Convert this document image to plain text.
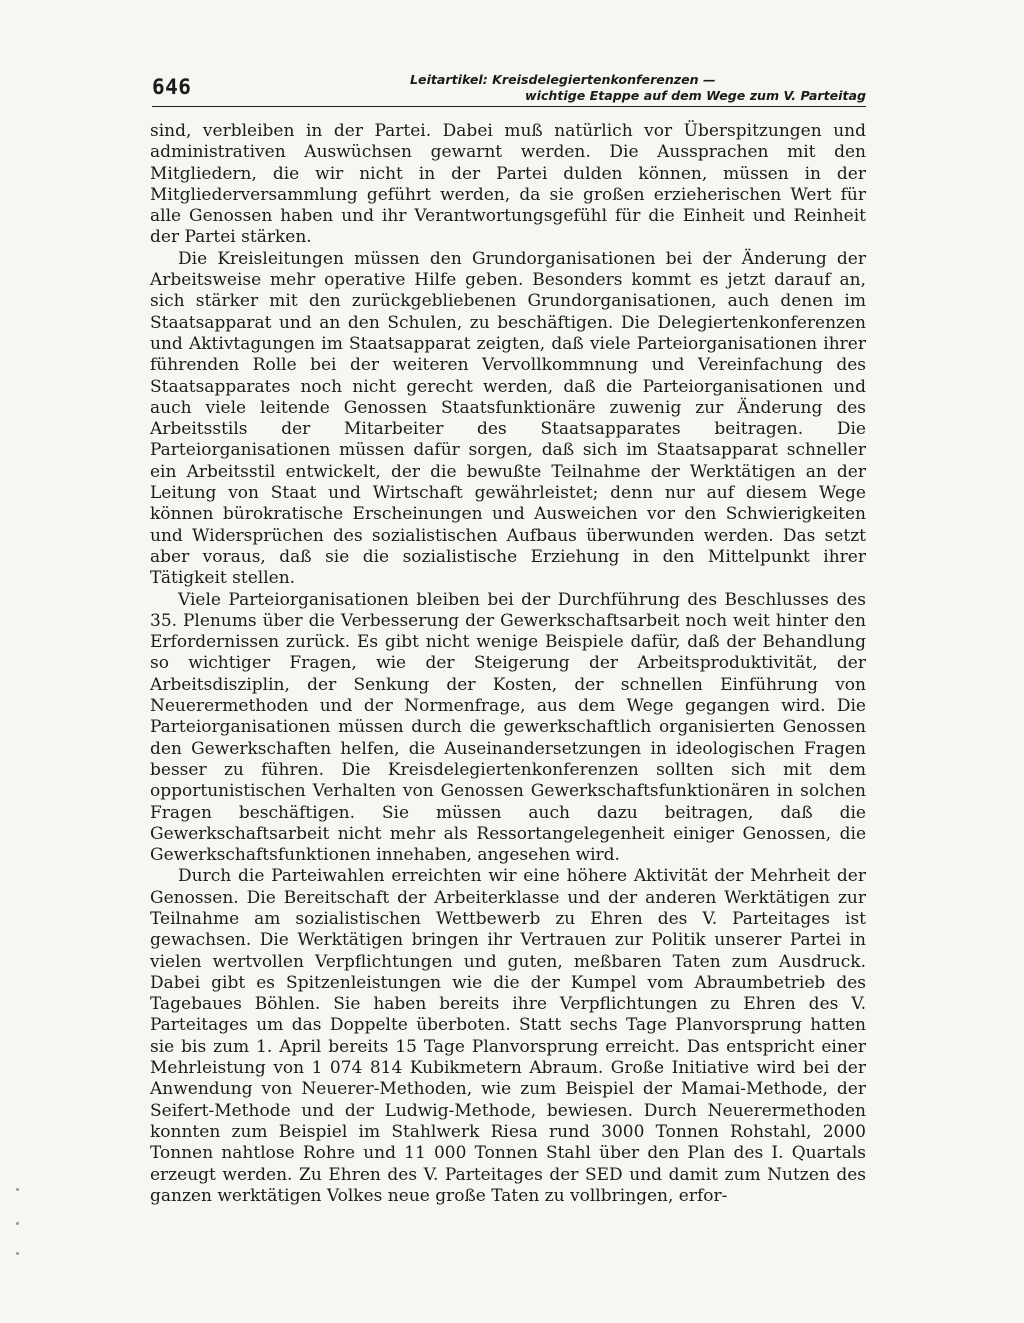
646	Leitartikel: Kreisdelegiertenkonferenzen —
wichtige Etappe auf dem Wege zum V. Parteitag

sind, verbleiben in der Partei. Dabei muß natürlich vor Überspitzungen und administrativen Auswüchsen gewarnt werden. Die Aussprachen mit den Mitgliedern, die wir nicht in der Partei dulden können, müssen in der Mitgliederversammlung geführt werden, da sie großen erzieherischen Wert für alle Genossen haben und ihr Verantwortungsgefühl für die Einheit und Reinheit der Partei stärken.

Die Kreisleitungen müssen den Grundorganisationen bei der Änderung der Arbeitsweise mehr operative Hilfe geben. Besonders kommt es jetzt darauf an, sich stärker mit den zurückgebliebenen Grundorganisationen, auch denen im Staatsapparat und an den Schulen, zu beschäftigen. Die Delegiertenkonferenzen und Aktivtagungen im Staatsapparat zeigten, daß viele Parteiorganisationen ihrer führenden Rolle bei der weiteren Vervollkommnung und Vereinfachung des Staatsapparates noch nicht gerecht werden, daß die Parteiorganisationen und auch viele leitende Genossen Staatsfunktionäre zuwenig zur Änderung des Arbeitsstils der Mitarbeiter des Staatsapparates beitragen. Die Parteiorganisationen müssen dafür sorgen, daß sich im Staatsapparat schneller ein Arbeitsstil entwickelt, der die bewußte Teilnahme der Werktätigen an der Leitung von Staat und Wirtschaft gewährleistet; denn nur auf diesem Wege können bürokratische Erscheinungen und Ausweichen vor den Schwierigkeiten und Widersprüchen des sozialistischen Aufbaus überwunden werden. Das setzt aber voraus, daß sie die sozialistische Erziehung in den Mittelpunkt ihrer Tätigkeit stellen.

Viele Parteiorganisationen bleiben bei der Durchführung des Beschlusses des 35. Plenums über die Verbesserung der Gewerkschaftsarbeit noch weit hinter den Erfordernissen zurück. Es gibt nicht wenige Beispiele dafür, daß der Behandlung so wichtiger Fragen, wie der Steigerung der Arbeitsproduktivität, der Arbeitsdisziplin, der Senkung der Kosten, der schnellen Einführung von Neuerermethoden und der Normenfrage, aus dem Wege gegangen wird. Die Parteiorganisationen müssen durch die gewerkschaftlich organisierten Genossen den Gewerkschaften helfen, die Auseinandersetzungen in ideologischen Fragen besser zu führen. Die Kreisdelegiertenkonferenzen sollten sich mit dem opportunistischen Verhalten von Genossen Gewerkschaftsfunktionären in solchen Fragen beschäftigen. Sie müssen auch dazu beitragen, daß die Gewerkschaftsarbeit nicht mehr als Ressortangelegenheit einiger Genossen, die Gewerkschaftsfunktionen innehaben, angesehen wird.

Durch die Parteiwahlen erreichten wir eine höhere Aktivität der Mehrheit der Genossen. Die Bereitschaft der Arbeiterklasse und der anderen Werktätigen zur Teilnahme am sozialistischen Wettbewerb zu Ehren des V. Parteitages ist gewachsen. Die Werktätigen bringen ihr Vertrauen zur Politik unserer Partei in vielen wertvollen Verpflichtungen und guten, meßbaren Taten zum Ausdruck. Dabei gibt es Spitzenleistungen wie die der Kumpel vom Abraumbetrieb des Tagebaues Böhlen. Sie haben bereits ihre Verpflichtungen zu Ehren des V. Parteitages um das Doppelte überboten. Statt sechs Tage Planvorsprung hatten sie bis zum 1. April bereits 15 Tage Planvorsprung erreicht. Das entspricht einer Mehrleistung von 1 074 814 Kubikmetern Abraum. Große Initiative wird bei der Anwendung von Neuerer-Methoden, wie zum Beispiel der Mamai-Methode, der Seifert-Methode und der Ludwig-Methode, bewiesen. Durch Neuerermethoden konnten zum Beispiel im Stahlwerk Riesa rund 3000 Tonnen Rohstahl, 2000 Tonnen nahtlose Rohre und 11 000 Tonnen Stahl über den Plan des I. Quartals erzeugt werden. Zu Ehren des V. Parteitages der SED und damit zum Nutzen des ganzen werktätigen Volkes neue große Taten zu vollbringen, erfor-
